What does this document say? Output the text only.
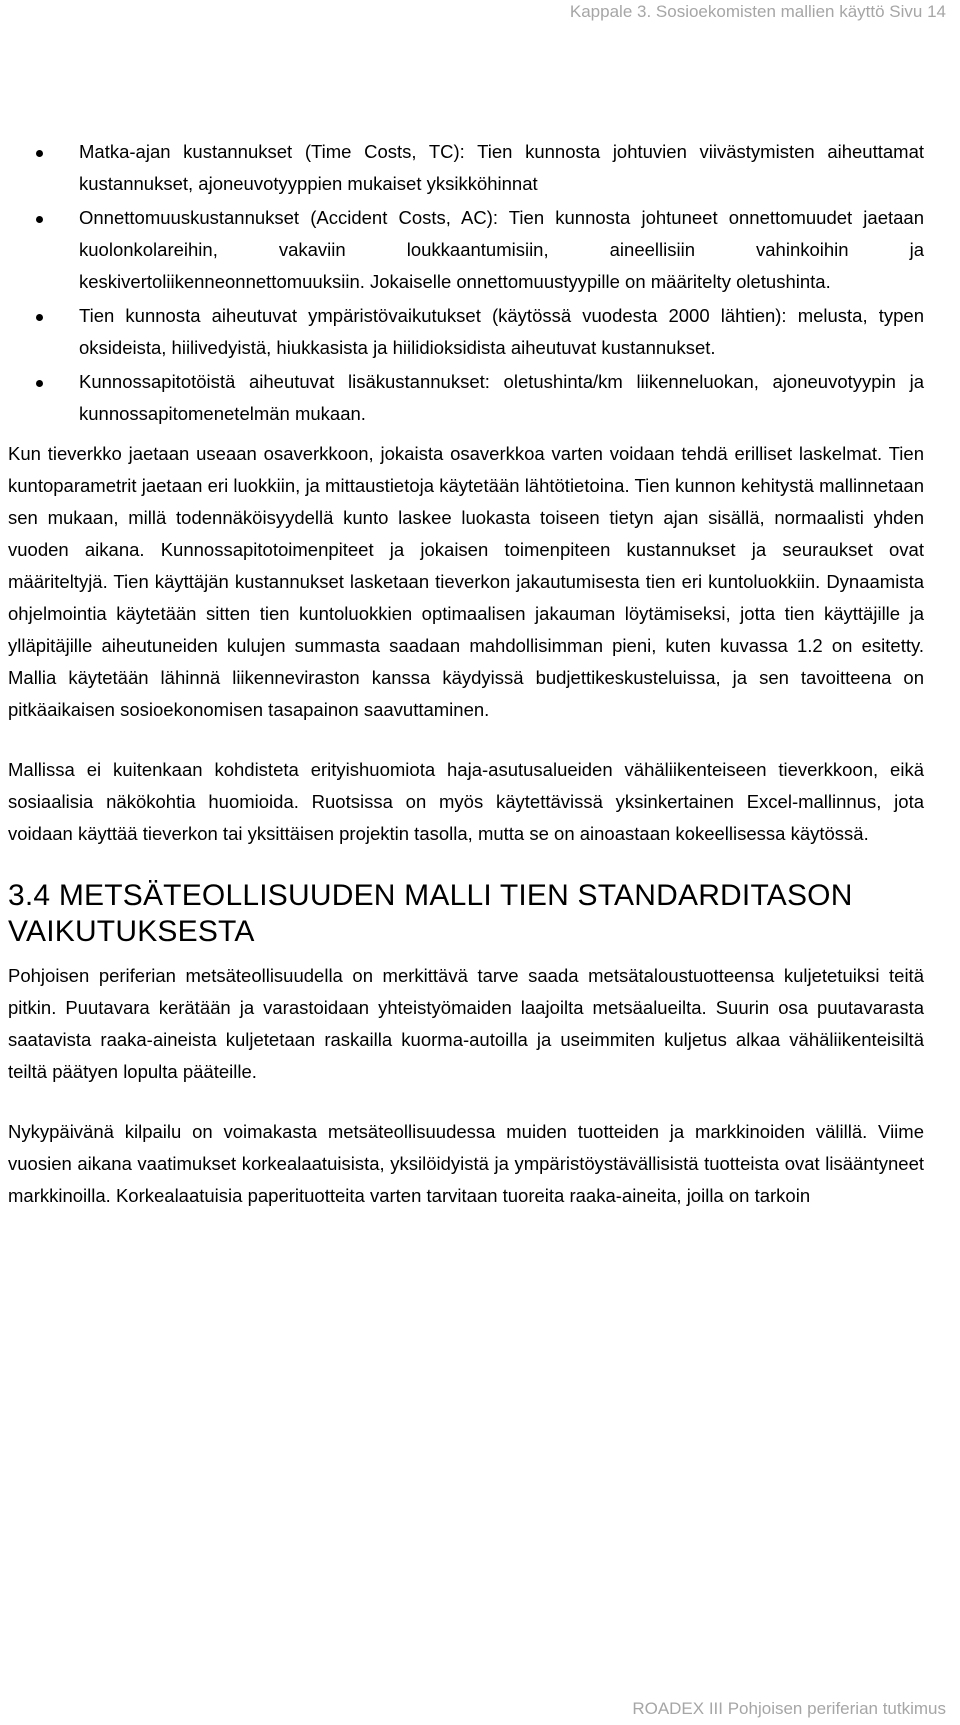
Kappale 3. Sosioekomisten mallien käyttö Sivu 14
Matka-ajan kustannukset (Time Costs, TC): Tien kunnosta johtuvien viivästymisten aiheuttamat kustannukset, ajoneuvotyyppien mukaiset yksikköhinnat
Onnettomuuskustannukset (Accident Costs, AC): Tien kunnosta johtuneet onnettomuudet jaetaan kuolonkolareihin, vakaviin loukkaantumisiin, aineellisiin vahinkoihin ja keskivertoliikenneonnettomuuksiin. Jokaiselle onnettomuustyypille on määritelty oletushinta.
Tien kunnosta aiheutuvat ympäristövaikutukset (käytössä vuodesta 2000 lähtien): melusta, typen oksideista, hiilivedyistä, hiukkasista ja hiilidioksidista aiheutuvat kustannukset.
Kunnossapitotöistä aiheutuvat lisäkustannukset: oletushinta/km liikenneluokan, ajoneuvotyypin ja kunnossapitomenetelmän mukaan.

Kun tieverkko jaetaan useaan osaverkkoon, jokaista osaverkkoa varten voidaan tehdä erilliset laskelmat. Tien kuntoparametrit jaetaan eri luokkiin, ja mittaustietoja käytetään lähtötietoina. Tien kunnon kehitystä mallinnetaan sen mukaan, millä todennäköisyydellä kunto laskee luokasta toiseen tietyn ajan sisällä, normaalisti yhden vuoden aikana. Kunnossapitotoimenpiteet ja jokaisen toimenpiteen kustannukset ja seuraukset ovat määriteltyjä. Tien käyttäjän kustannukset lasketaan tieverkon jakautumisesta tien eri kuntoluokkiin. Dynaamista ohjelmointia käytetään sitten tien kuntoluokkien optimaalisen jakauman löytämiseksi, jotta tien käyttäjille ja ylläpitäjille aiheutuneiden kulujen summasta saadaan mahdollisimman pieni, kuten kuvassa 1.2 on esitetty. Mallia käytetään lähinnä liikenneviraston kanssa käydyissä budjettikeskusteluissa, ja sen tavoitteena on pitkäaikaisen sosioekonomisen tasapainon saavuttaminen.

Mallissa ei kuitenkaan kohdisteta erityishuomiota haja-asutusalueiden vähäliikenteiseen tieverkkoon, eikä sosiaalisia näkökohtia huomioida. Ruotsissa on myös käytettävissä yksinkertainen Excel-mallinnus, jota voidaan käyttää tieverkon tai yksittäisen projektin tasolla, mutta se on ainoastaan kokeellisessa käytössä.

3.4 METSÄTEOLLISUUDEN MALLI TIEN STANDARDITASON VAIKUTUKSESTA

Pohjoisen periferian metsäteollisuudella on merkittävä tarve saada metsätaloustuotteensa kuljetetuiksi teitä pitkin. Puutavara kerätään ja varastoidaan yhteistyömaiden laajoilta metsäalueilta. Suurin osa puutavarasta saatavista raaka-aineista kuljetetaan raskailla kuorma-autoilla ja useimmiten kuljetus alkaa vähäliikenteisiltä teiltä päätyen lopulta pääteille.

Nykypäivänä kilpailu on voimakasta metsäteollisuudessa muiden tuotteiden ja markkinoiden välillä. Viime vuosien aikana vaatimukset korkealaatuisista, yksilöidyistä ja ympäristöystävällisistä tuotteista ovat lisääntyneet markkinoilla. Korkealaatuisia paperituotteita varten tarvitaan tuoreita raaka-aineita, joilla on tarkoin

ROADEX III Pohjoisen periferian tutkimus
